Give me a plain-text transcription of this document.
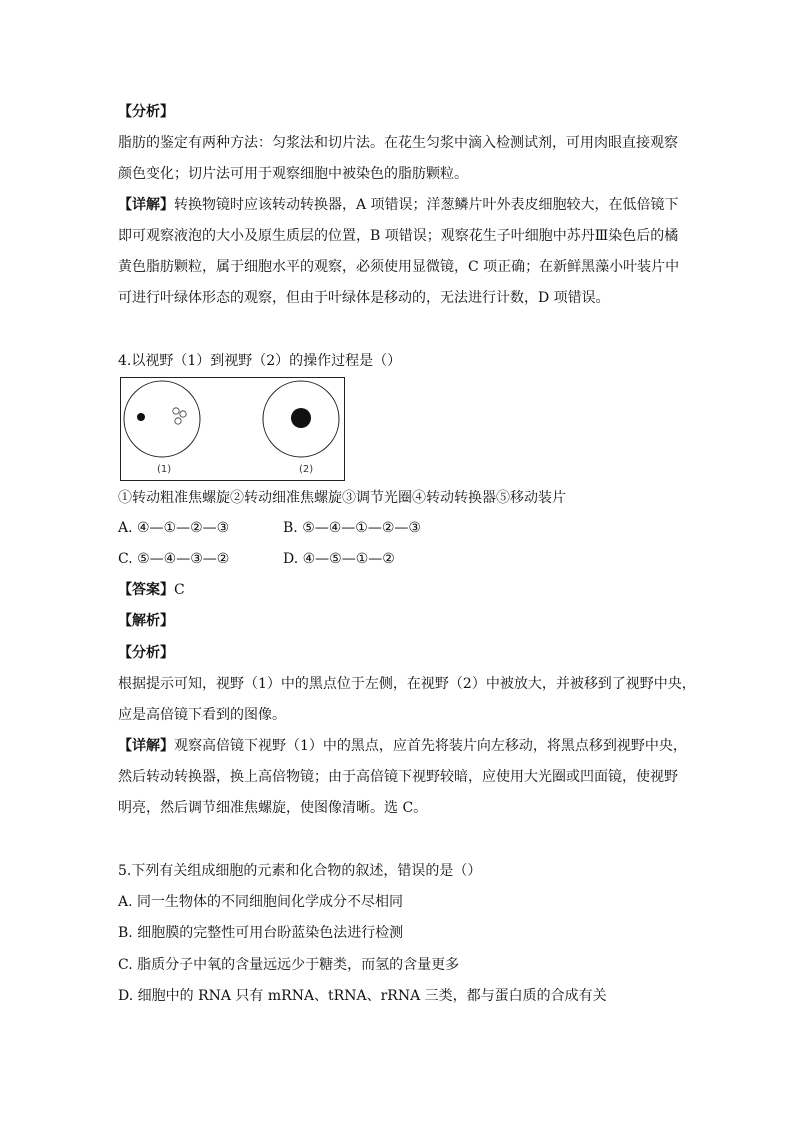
【分析】
脂肪的鉴定有两种方法：匀浆法和切片法。在花生匀浆中滴入检测试剂，可用肉眼直接观察
颜色变化；切片法可用于观察细胞中被染色的脂肪颗粒。
【详解】转换物镜时应该转动转换器，A 项错误；洋葱鳞片叶外表皮细胞较大，在低倍镜下
即可观察液泡的大小及原生质层的位置，B 项错误；观察花生子叶细胞中苏丹Ⅲ染色后的橘
黄色脂肪颗粒，属于细胞水平的观察，必须使用显微镜，C 项正确；在新鲜黑藻小叶装片中
可进行叶绿体形态的观察，但由于叶绿体是移动的，无法进行计数，D 项错误。
4.以视野（1）到视野（2）的操作过程是（）
(1)	(2)
①转动粗准焦螺旋②转动细准焦螺旋③调节光圈④转动转换器⑤移动装片
A. ④—①—②—③	B. ⑤—④—①—②—③
C. ⑤—④—③—②	D. ④—⑤—①—②
【答案】C
【解析】
【分析】
根据提示可知，视野（1）中的黑点位于左侧，在视野（2）中被放大，并被移到了视野中央，
应是高倍镜下看到的图像。
【详解】观察高倍镜下视野（1）中的黑点，应首先将装片向左移动，将黑点移到视野中央，
然后转动转换器，换上高倍物镜；由于高倍镜下视野较暗，应使用大光圈或凹面镜，使视野
明亮，然后调节细准焦螺旋，使图像清晰。选 C。
5.下列有关组成细胞的元素和化合物的叙述，错误的是（）
A. 同一生物体的不同细胞间化学成分不尽相同
B. 细胞膜的完整性可用台盼蓝染色法进行检测
C. 脂质分子中氧的含量远远少于糖类，而氢的含量更多
D. 细胞中的 RNA 只有 mRNA、tRNA、rRNA 三类，都与蛋白质的合成有关
